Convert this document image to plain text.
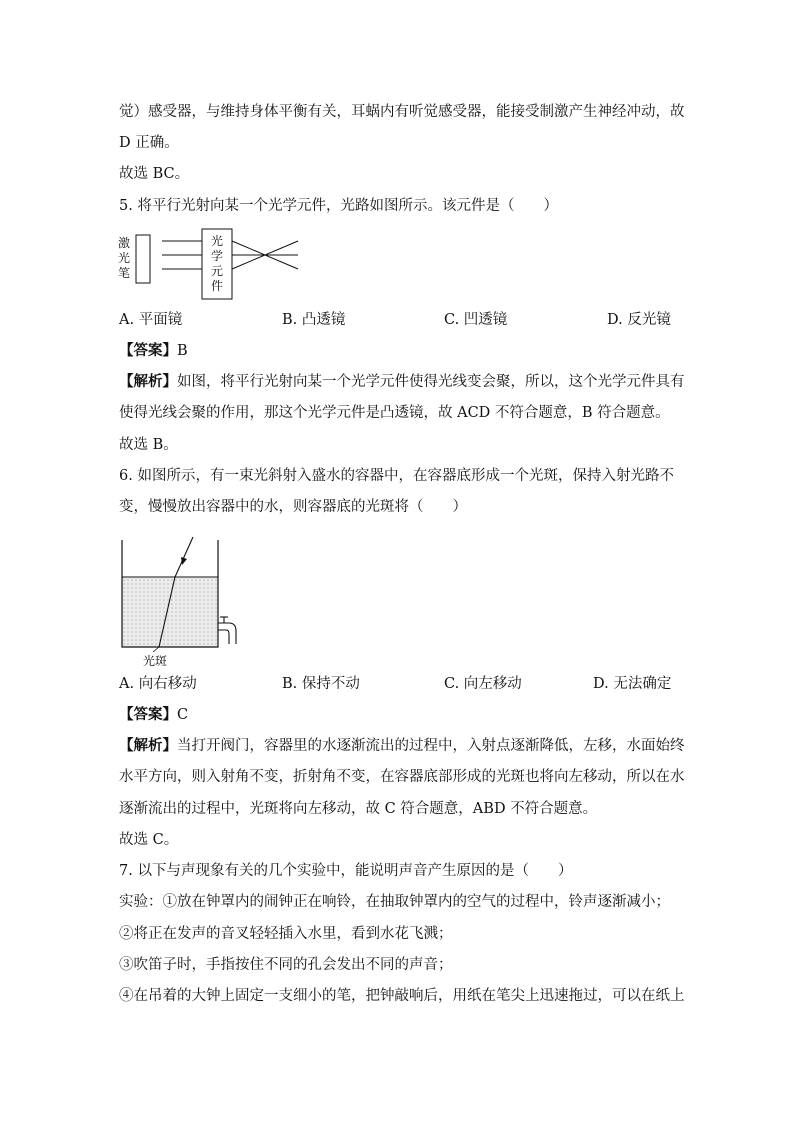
觉）感受器，与维持身体平衡有关，耳蜗内有听觉感受器，能接受制激产生神经冲动，故
D 正确。
故选 BC。
5. 将平行光射向某一个光学元件，光路如图所示。该元件是（　　）
激
光
笔
光
学
元
件
A. 平面镜	B. 凸透镜	C. 凹透镜	D. 反光镜
【答案】B
【解析】如图，将平行光射向某一个光学元件使得光线变会聚，所以，这个光学元件具有
使得光线会聚的作用，那这个光学元件是凸透镜，故 ACD 不符合题意，B 符合题意。
故选 B。
6. 如图所示，有一束光斜射入盛水的容器中，在容器底形成一个光斑，保持入射光路不
变，慢慢放出容器中的水，则容器底的光斑将（　　）
光斑
A. 向右移动	B. 保持不动	C. 向左移动	D. 无法确定
【答案】C
【解析】当打开阀门，容器里的水逐渐流出的过程中，入射点逐渐降低，左移，水面始终
水平方向，则入射角不变，折射角不变，在容器底部形成的光斑也将向左移动，所以在水
逐渐流出的过程中，光斑将向左移动，故 C 符合题意，ABD 不符合题意。
故选 C。
7. 以下与声现象有关的几个实验中，能说明声音产生原因的是（　　）
实验：①放在钟罩内的闹钟正在响铃，在抽取钟罩内的空气的过程中，铃声逐渐减小；
②将正在发声的音叉轻轻插入水里，看到水花飞溅；
③吹笛子时，手指按住不同的孔会发出不同的声音；
④在吊着的大钟上固定一支细小的笔，把钟敲响后，用纸在笔尖上迅速拖过，可以在纸上
